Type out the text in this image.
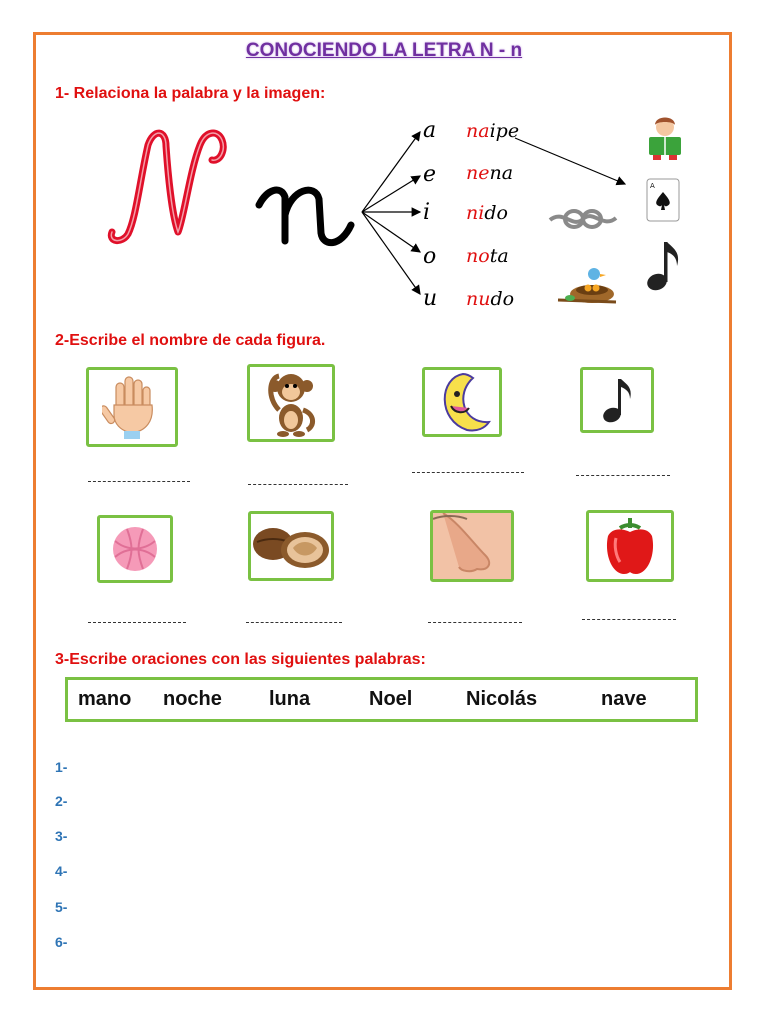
CONOCIENDO LA LETRA N - n
1- Relaciona la palabra y la imagen:
a
e
i
o
u
naipe
nena
nido
nota
nudo
A
2-Escribe el nombre de cada figura.
3-Escribe oraciones con las siguientes palabras:
mano noche luna	Noel	Nicolás	nave
1-
2-
3-
4-
5-
6-
